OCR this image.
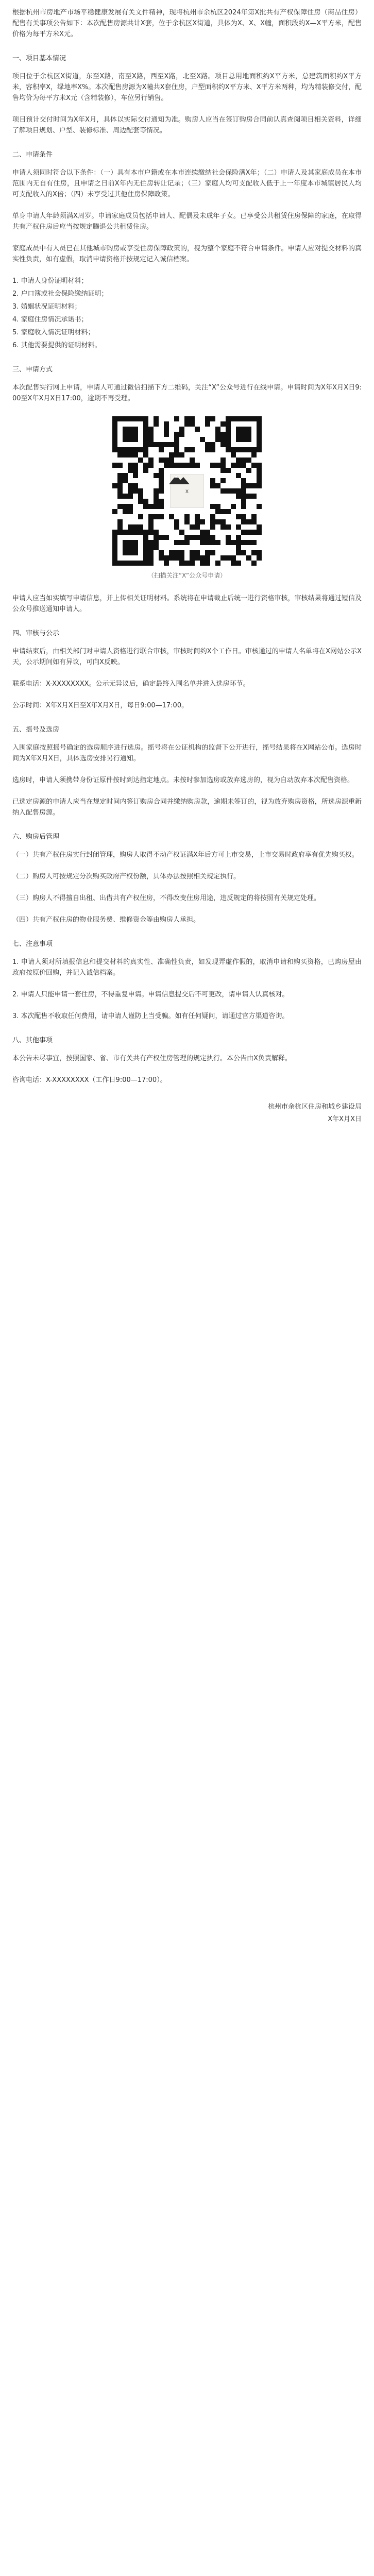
根据杭州市房地产市场平稳健康发展有关文件精神，现将杭州市余杭区2024年第X批共有产权保障住房（商品住房）配售有关事项公告如下：本次配售房源共计X套，位于余杭区X街道，具体为X、X、X幢，面积段约X—X平方米，配售价格为每平方米X元。

一、项目基本情况

项目位于余杭区X街道，东至X路，南至X路，西至X路，北至X路。项目总用地面积约X平方米，总建筑面积约X平方米，容积率X，绿地率X%。本次配售房源为X幢共X套住房，户型面积约X平方米、X平方米两种，均为精装修交付，配售均价为每平方米X元（含精装修），车位另行销售。

项目预计交付时间为X年X月，具体以实际交付通知为准。购房人应当在签订购房合同前认真查阅项目相关资料，详细了解项目规划、户型、装修标准、周边配套等情况。

二、申请条件

申请人须同时符合以下条件：（一）具有本市户籍或在本市连续缴纳社会保险满X年；（二）申请人及其家庭成员在本市范围内无自有住房，且申请之日前X年内无住房转让记录；（三）家庭人均可支配收入低于上一年度本市城镇居民人均可支配收入的X倍；（四）未享受过其他住房保障政策。

单身申请人年龄须满X周岁。申请家庭成员包括申请人、配偶及未成年子女。已享受公共租赁住房保障的家庭，在取得共有产权住房后应当按规定腾退公共租赁住房。

家庭成员中有人员已在其他城市购房或享受住房保障政策的，视为整个家庭不符合申请条件。申请人应对提交材料的真实性负责，如有虚假，取消申请资格并按规定记入诚信档案。

1. 申请人身份证明材料；
2. 户口簿或社会保险缴纳证明；
3. 婚姻状况证明材料；
4. 家庭住房情况承诺书；
5. 家庭收入情况证明材料；
6. 其他需要提供的证明材料。
三、申请方式

本次配售实行网上申请，申请人可通过微信扫描下方二维码，关注“X”公众号进行在线申请。申请时间为X年X月X日9:00至X年X月X日17:00，逾期不再受理。

X
（扫描关注“X”公众号申请）

申请人应当如实填写申请信息，并上传相关证明材料。系统将在申请截止后统一进行资格审核，审核结果将通过短信及公众号推送通知申请人。

四、审核与公示

申请结束后，由相关部门对申请人资格进行联合审核，审核时间约X个工作日。审核通过的申请人名单将在X网站公示X天，公示期间如有异议，可向X反映。

联系电话：X-XXXXXXXX。公示无异议后，确定最终入围名单并进入选房环节。

公示时间：X年X月X日至X年X月X日，每日9:00—17:00。

五、摇号及选房

入围家庭按照摇号确定的选房顺序进行选房。摇号将在公证机构的监督下公开进行，摇号结果将在X网站公布。选房时间为X年X月X日，具体选房安排另行通知。

选房时，申请人须携带身份证原件按时到达指定地点。未按时参加选房或放弃选房的，视为自动放弃本次配售资格。

已选定房源的申请人应当在规定时间内签订购房合同并缴纳购房款，逾期未签订的，视为放弃购房资格，所选房源重新纳入配售房源。

六、购房后管理

（一）共有产权住房实行封闭管理，购房人取得不动产权证满X年后方可上市交易，上市交易时政府享有优先购买权。

（二）购房人可按规定分次购买政府产权份额，具体办法按照相关规定执行。

（三）购房人不得擅自出租、出借共有产权住房，不得改变住房用途，违反规定的将按照有关规定处理。

（四）共有产权住房的物业服务费、维修资金等由购房人承担。

七、注意事项

1. 申请人须对所填报信息和提交材料的真实性、准确性负责，如发现弄虚作假的，取消申请和购买资格，已购房屋由政府按原价回购，并记入诚信档案。

2. 申请人只能申请一套住房，不得重复申请。申请信息提交后不可更改，请申请人认真核对。

3. 本次配售不收取任何费用，请申请人谨防上当受骗。如有任何疑问，请通过官方渠道咨询。

八、其他事项

本公告未尽事宜，按照国家、省、市有关共有产权住房管理的规定执行。本公告由X负责解释。

咨询电话：X-XXXXXXXX（工作日9:00—17:00）。

杭州市余杭区住房和城乡建设局
X年X月X日
